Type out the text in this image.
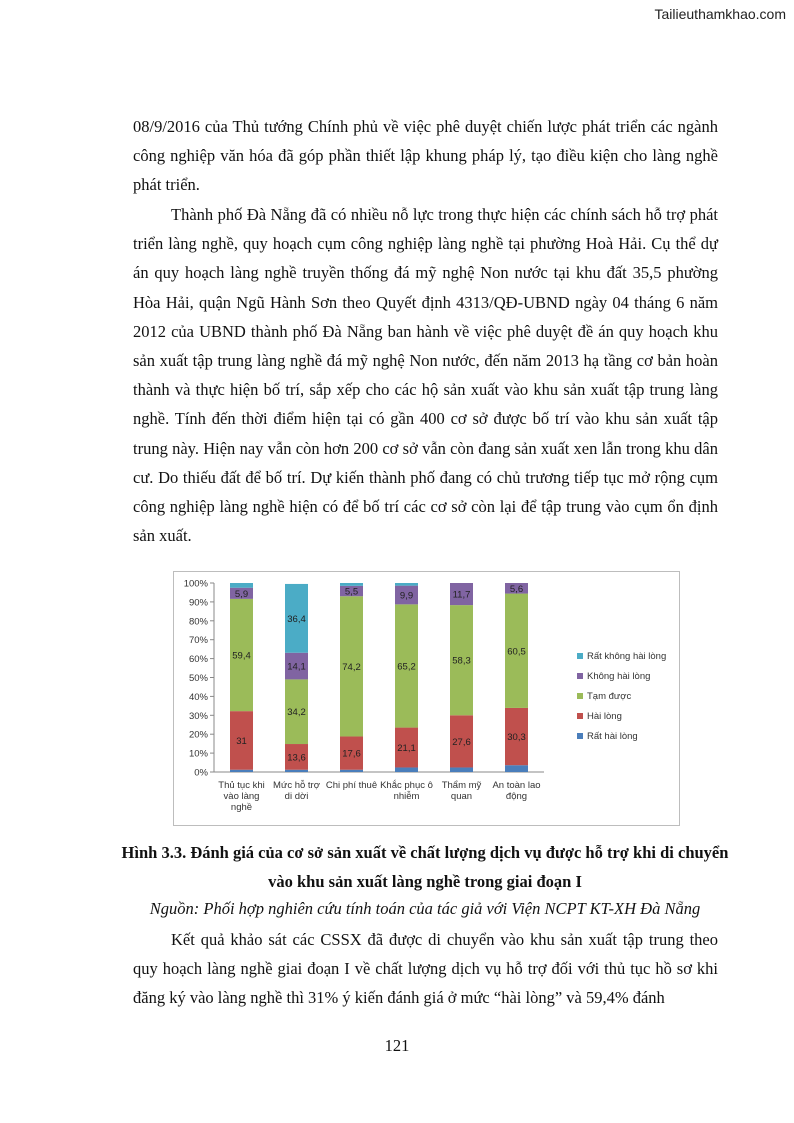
Tailieuthamkhao.com

08/9/2016 của Thủ tướng Chính phủ về việc phê duyệt chiến lược phát triển các ngành công nghiệp văn hóa đã góp phần thiết lập khung pháp lý, tạo điều kiện cho làng nghề phát triển.

Thành phố Đà Nẵng đã có nhiều nỗ lực trong thực hiện các chính sách hỗ trợ phát triển làng nghề, quy hoạch cụm công nghiệp làng nghề tại phường Hoà Hải. Cụ thể dự án quy hoạch làng nghề truyền thống đá mỹ nghệ Non nước tại khu đất 35,5 phường Hòa Hải, quận Ngũ Hành Sơn theo Quyết định 4313/QĐ-UBND ngày 04 tháng 6 năm 2012 của UBND thành phố Đà Nẵng ban hành về việc phê duyệt đề án quy hoạch khu sản xuất tập trung làng nghề đá mỹ nghệ Non nước, đến năm 2013 hạ tầng cơ bản hoàn thành và thực hiện bố trí, sắp xếp cho các hộ sản xuất vào khu sản xuất tập trung làng nghề. Tính đến thời điểm hiện tại có gần 400 cơ sở được bố trí vào khu sản xuất tập trung này. Hiện nay vẫn còn hơn 200 cơ sở vẫn còn đang sản xuất xen lẫn trong khu dân cư. Do thiếu đất để bố trí. Dự kiến thành phố đang có chủ trương tiếp tục mở rộng cụm công nghiệp làng nghề hiện có để bố trí các cơ sở còn lại để tập trung vào cụm ổn định sản xuất.

0%
10%
20%
30%
40%
50%
60%
70%
80%
90%
100%
31
59,4
5,9
Thủ tục khi
vào làng
nghề
13,6
34,2
14,1
36,4
Mức hỗ trợ
di dời
17,6
74,2
5,5
Chi phí thuê
21,1
65,2
9,9
Khắc phục ô
nhiễm
27,6
58,3
11,7
Thẩm mỹ
quan
30,3
60,5
5,6
An toàn lao
động
Rất không hài lòng
Không hài lòng
Tạm được
Hài lòng
Rất hài lòng

Hình 3.3. Đánh giá của cơ sở sản xuất về chất lượng dịch vụ được hỗ trợ khi di chuyển vào khu sản xuất làng nghề trong giai đoạn I

Nguồn: Phối hợp nghiên cứu tính toán của tác giả với Viện NCPT KT-XH Đà Nẵng

Kết quả khảo sát các CSSX đã được di chuyển vào khu sản xuất tập trung theo quy hoạch làng nghề giai đoạn I về chất lượng dịch vụ hỗ trợ đối với thủ tục hồ sơ khi đăng ký vào làng nghề thì 31% ý kiến đánh giá ở mức “hài lòng” và 59,4% đánh

121
